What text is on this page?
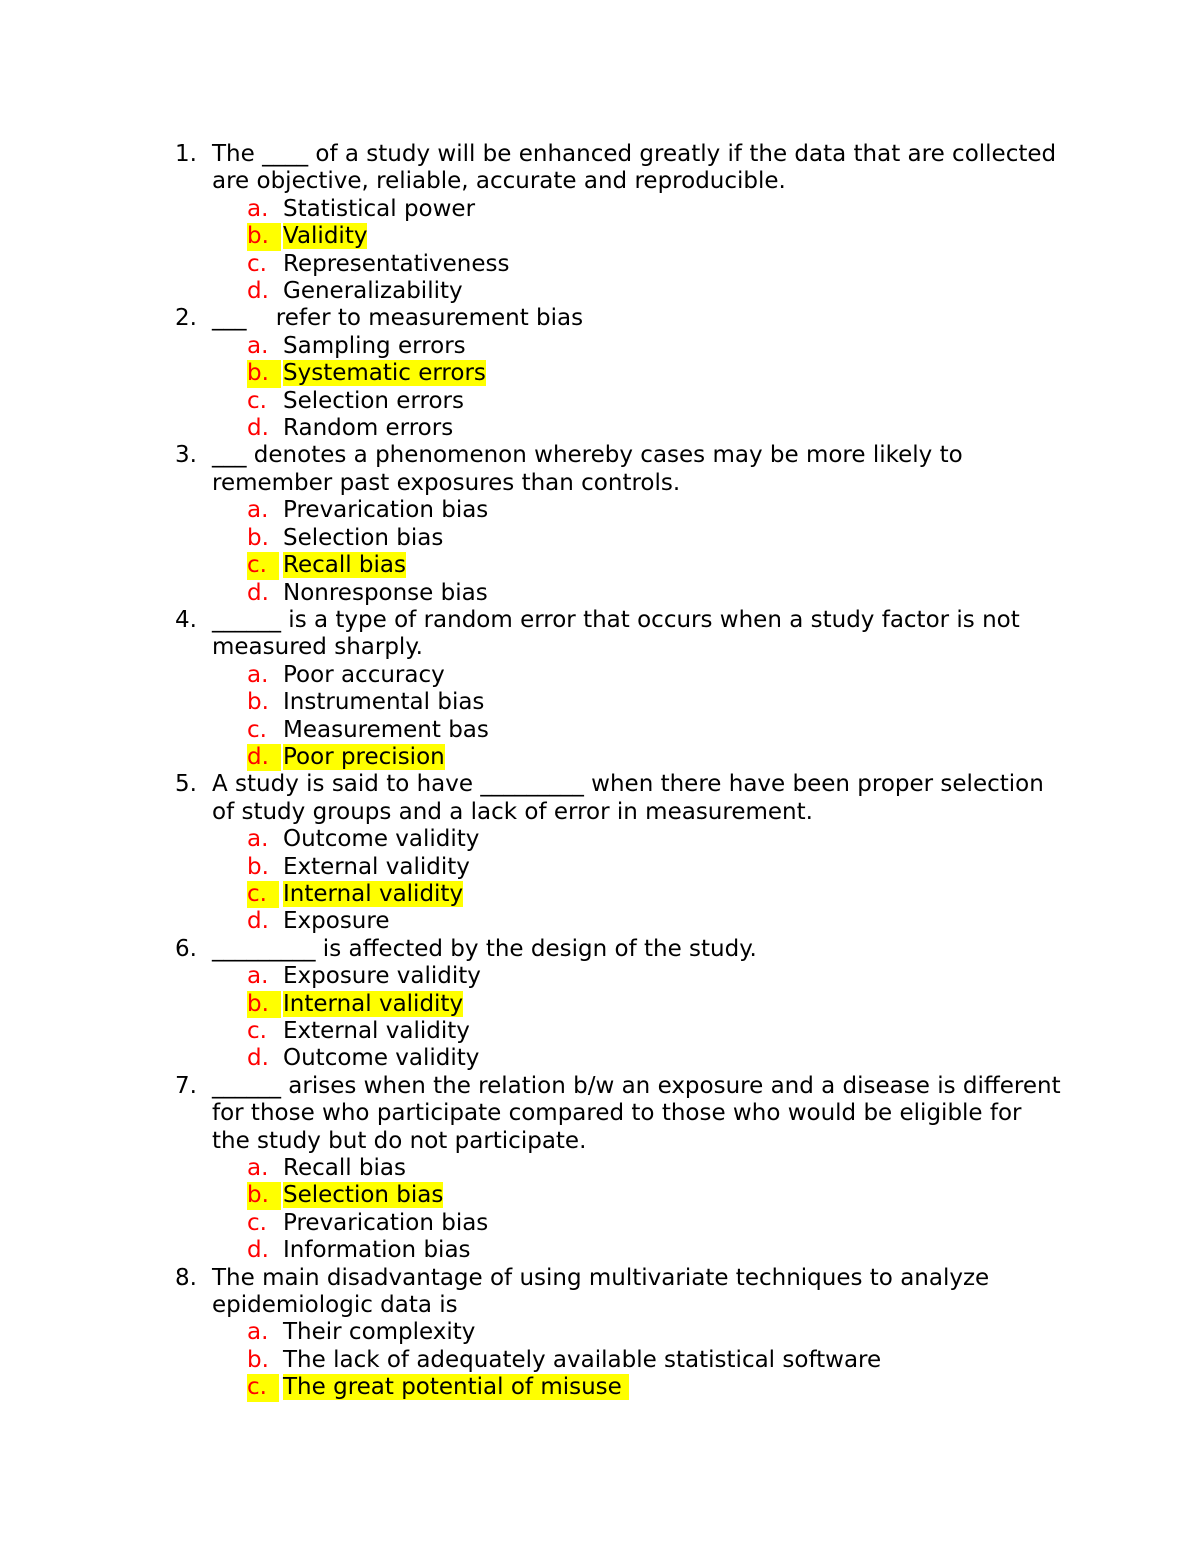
1. The ____ of a study will be enhanced greatly if the data that are collected are objective, reliable, accurate and reproducible.
a. Statistical power
b. Validity
c. Representativeness
d. Generalizability
2. ___    refer to measurement bias
a. Sampling errors
b. Systematic errors
c. Selection errors
d. Random errors
3. ___ denotes a phenomenon whereby cases may be more likely to remember past exposures than controls.
a. Prevarication bias
b. Selection bias
c. Recall bias
d. Nonresponse bias
4. ______ is a type of random error that occurs when a study factor is not measured sharply.
a. Poor accuracy
b. Instrumental bias
c. Measurement bas
d. Poor precision
5. A study is said to have _________ when there have been proper selection of study groups and a lack of error in measurement.
a. Outcome validity
b. External validity
c. Internal validity
d. Exposure
6. _________ is affected by the design of the study.
a. Exposure validity
b. Internal validity
c. External validity
d. Outcome validity
7. ______ arises when the relation b/w an exposure and a disease is different for those who participate compared to those who would be eligible for the study but do not participate.
a. Recall bias
b. Selection bias
c. Prevarication bias
d. Information bias
8. The main disadvantage of using multivariate techniques to analyze epidemiologic data is
a. Their complexity
b. The lack of adequately available statistical software
c. The great potential of misuse
